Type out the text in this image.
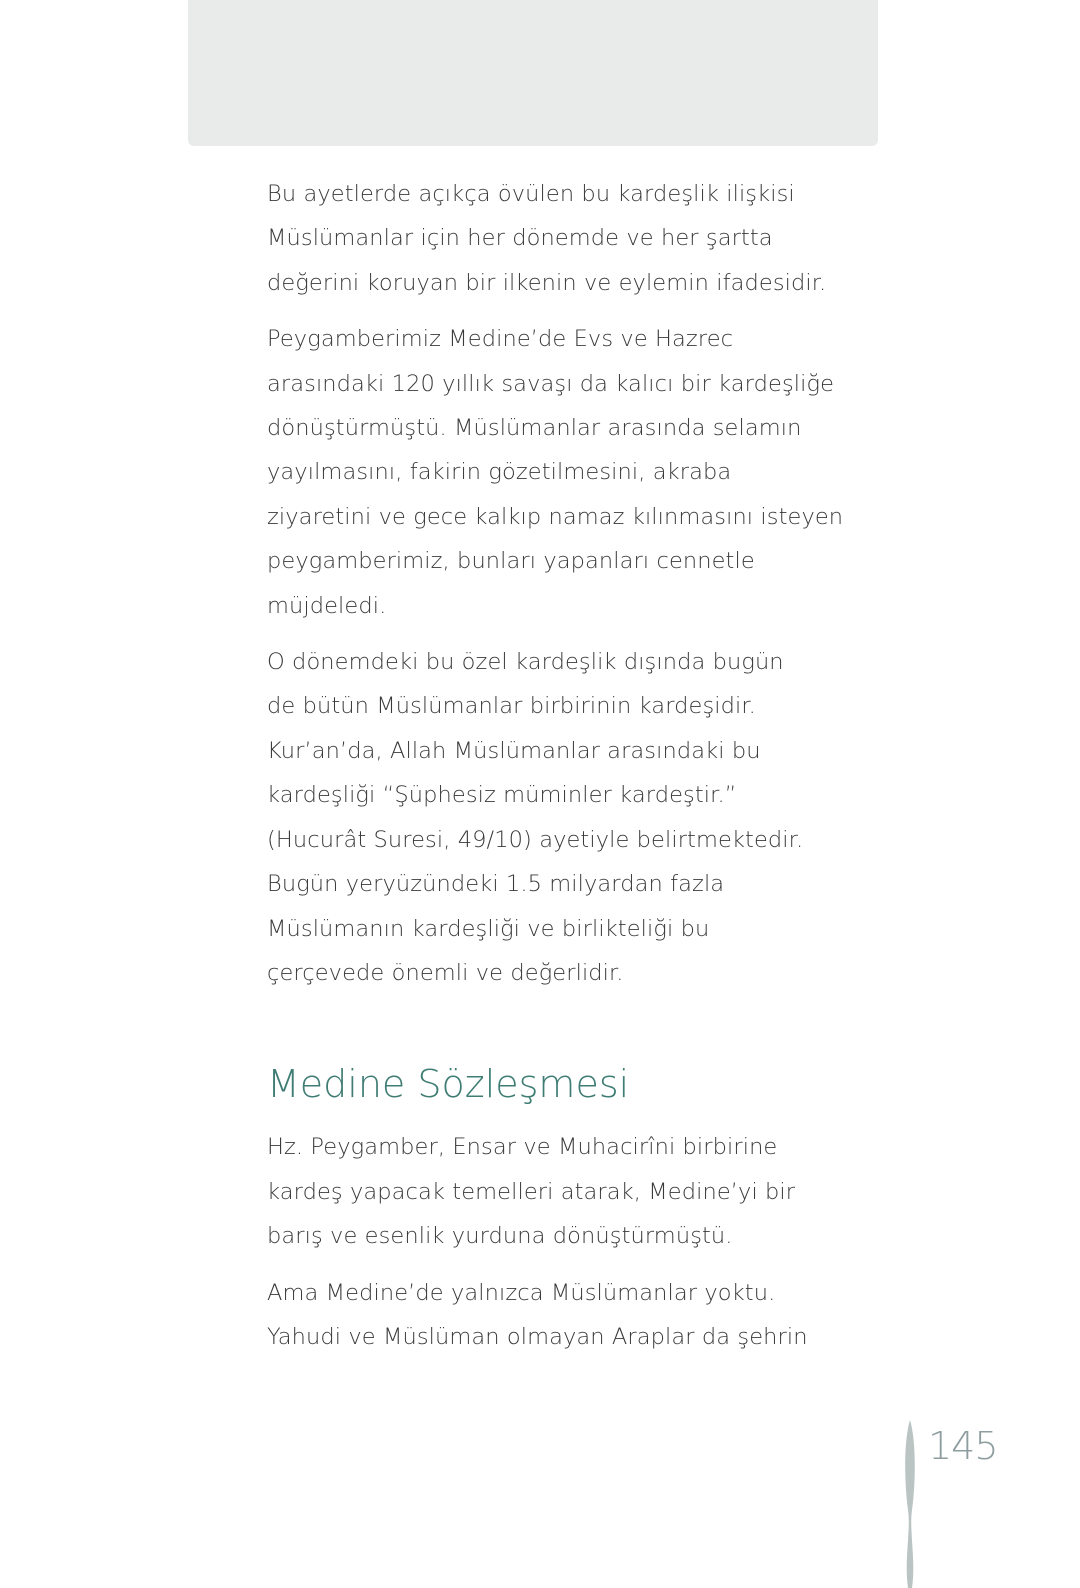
Bu ayetlerde açıkça övülen bu kardeşlik ilişkisi
Müslümanlar için her dönemde ve her şartta
değerini koruyan bir ilkenin ve eylemin ifadesidir.

Peygamberimiz Medine’de Evs ve Hazrec
arasındaki 120 yıllık savaşı da kalıcı bir kardeşliğe
dönüştürmüştü. Müslümanlar arasında selamın
yayılmasını, fakirin gözetilmesini, akraba
ziyaretini ve gece kalkıp namaz kılınmasını isteyen
peygamberimiz, bunları yapanları cennetle
müjdeledi.

O dönemdeki bu özel kardeşlik dışında bugün
de bütün Müslümanlar birbirinin kardeşidir.
Kur’an’da, Allah Müslümanlar arasındaki bu
kardeşliği “Şüphesiz müminler kardeştir.”
(Hucurât Suresi, 49/10) ayetiyle belirtmektedir.
Bugün yeryüzündeki 1.5 milyardan fazla
Müslümanın kardeşliği ve birlikteliği bu
çerçevede önemli ve değerlidir.

Medine Sözleşmesi

Hz. Peygamber, Ensar ve Muhacirîni birbirine
kardeş yapacak temelleri atarak, Medine’yi bir
barış ve esenlik yurduna dönüştürmüştü.

Ama Medine’de yalnızca Müslümanlar yoktu.
Yahudi ve Müslüman olmayan Araplar da şehrin

145
